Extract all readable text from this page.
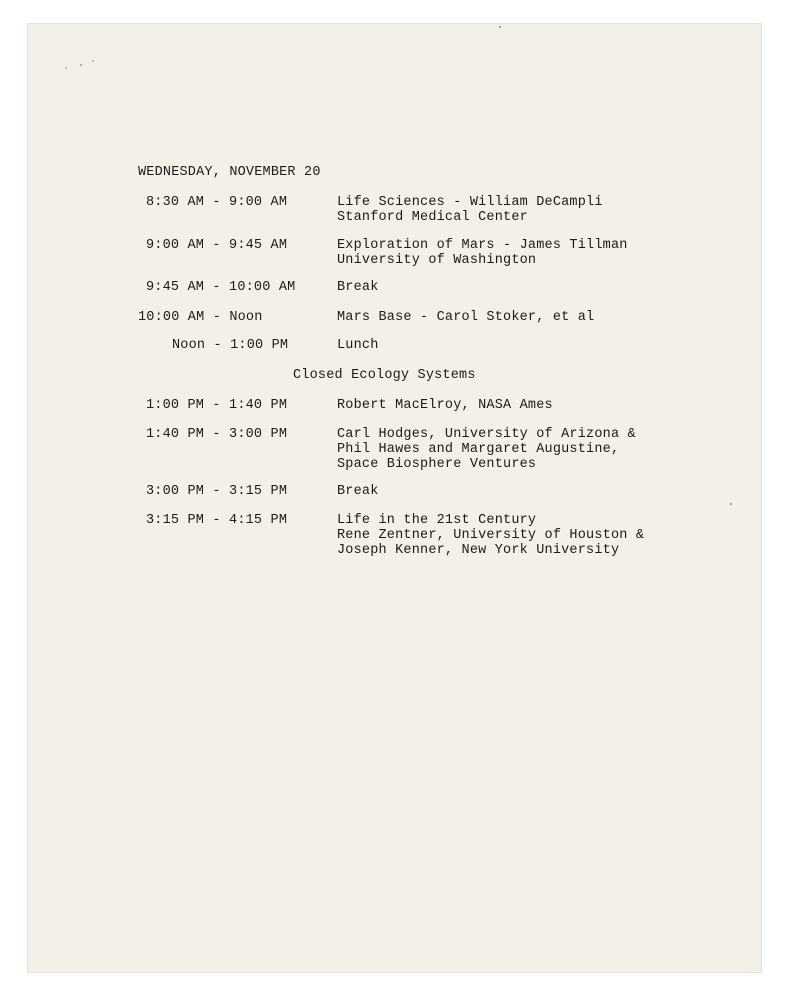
WEDNESDAY, NOVEMBER 20
8:30 AM - 9:00 AM	Life Sciences - William DeCampli
Stanford Medical Center
9:00 AM - 9:45 AM	Exploration of Mars - James Tillman
University of Washington
9:45 AM - 10:00 AM	Break
10:00 AM - Noon	Mars Base - Carol Stoker, et al
Noon - 1:00 PM	Lunch
Closed Ecology Systems
1:00 PM - 1:40 PM	Robert MacElroy, NASA Ames
1:40 PM - 3:00 PM	Carl Hodges, University of Arizona &
Phil Hawes and Margaret Augustine,
Space Biosphere Ventures
3:00 PM - 3:15 PM	Break
3:15 PM - 4:15 PM	Life in the 21st Century
Rene Zentner, University of Houston &
Joseph Kenner, New York University
